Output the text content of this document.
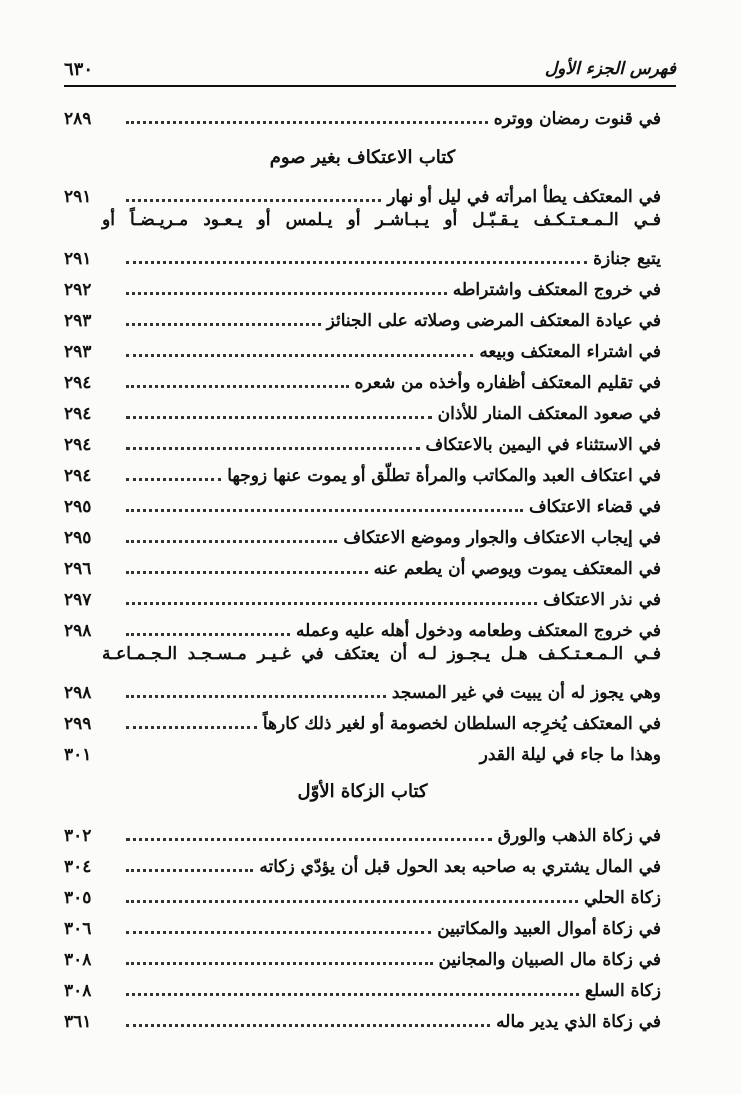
فهرس الجزء الأول
٦٣٠
في قنوت رمضان ووتره
٢٨٩
كتاب الاعتكاف بغير صوم
في المعتكف يطأ امرأته في ليل أو نهار
٢٩١
فـي الـمـعـتـكـف يـقـبّـل أو يـبـاشـر أو يـلمس أو يـعـود مـريـضـاً أو
يتبع جنازة
٢٩١
في خروج المعتكف واشتراطه
٢٩٢
في عيادة المعتكف المرضى وصلاته على الجنائز
٢٩٣
في اشتراء المعتكف وبيعه
٢٩٣
في تقليم المعتكف أظفاره وأخذه من شعره
٢٩٤
في صعود المعتكف المنار للأذان
٢٩٤
في الاستثناء في اليمين بالاعتكاف
٢٩٤
في اعتكاف العبد والمكاتب والمرأة تطلّق أو يموت عنها زوجها
٢٩٤
في قضاء الاعتكاف
٢٩٥
في إيجاب الاعتكاف والجوار وموضع الاعتكاف
٢٩٥
في المعتكف يموت ويوصي أن يطعم عنه
٢٩٦
في نذر الاعتكاف
٢٩٧
في خروج المعتكف وطعامه ودخول أهله عليه وعمله
٢٩٨
فـي الـمـعـتـكـف هـل يـجـوز لـه أن يعتكف في غـيـر مـسـجـد الـجـمـاعـة
وهي يجوز له أن يبيت في غير المسجد
٢٩٨
في المعتكف يُخرِجه السلطان لخصومة أو لغير ذلك كارهاً
٢٩٩
وهذا ما جاء في ليلة القدر
٣٠١
كتاب الزكاة الأوّل
في زكاة الذهب والورق
٣٠٢
في المال يشتري به صاحبه بعد الحول قبل أن يؤدّي زكاته
٣٠٤
زكاة الحلي
٣٠٥
في زكاة أموال العبيد والمكاتبين
٣٠٦
في زكاة مال الصبيان والمجانين
٣٠٨
زكاة السلع
٣٠٨
في زكاة الذي يدير ماله
٣٦١
